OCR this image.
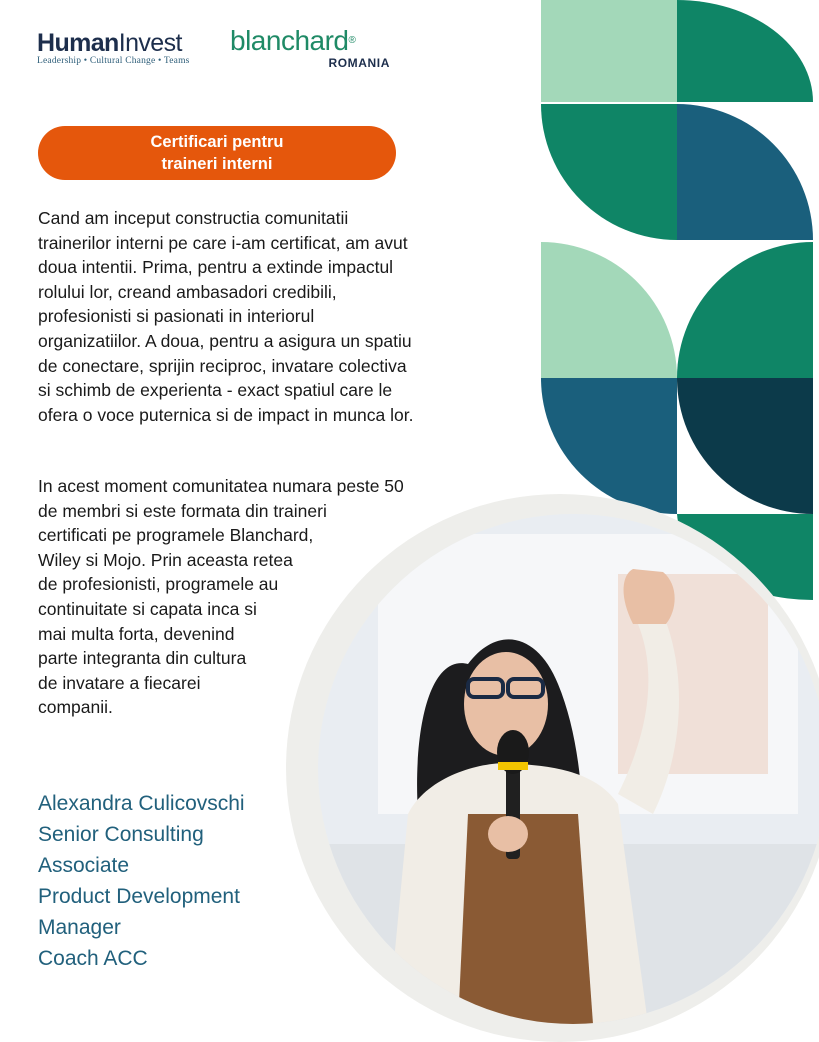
HumanInvest
Leadership • Cultural Change • Teams
blanchard®
ROMANIA
Certificari pentru
traineri interni

Cand am inceput constructia comunitatii
trainerilor interni pe care i-am certificat, am avut
doua intentii. Prima, pentru a extinde impactul
rolului lor, creand ambasadori credibili,
profesionisti si pasionati in interiorul
organizatiilor. A doua, pentru a asigura un spatiu
de conectare, sprijin reciproc, invatare colectiva
si schimb de experienta - exact spatiul care le
ofera o voce puternica si de impact in munca lor.

In acest moment comunitatea numara peste 50
de membri si este formata din traineri
certificati pe programele Blanchard,
Wiley si Mojo. Prin aceasta retea
de profesionisti, programele au
continuitate si capata inca si
mai multa forta, devenind
parte integranta din cultura
de invatare a fiecarei
companii.

Alexandra Culicovschi
Senior Consulting
Associate
Product Development
Manager
Coach ACC
